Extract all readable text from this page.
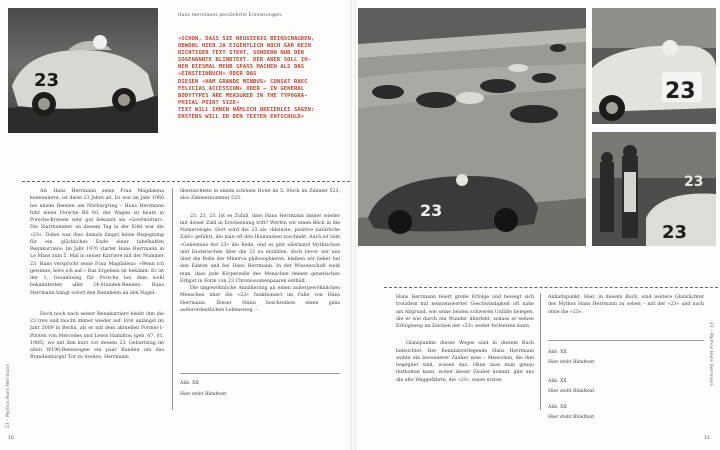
23
Hans Herrmanns persönliche Erinnerungen:
»SCHON, DASS SIE NEUGIERIG BEINSCHAUDEN,
OBWOHL HIER JA EIGENTLICH NOCH GAR KEIN
RICHTIGER TEXT STEHT, SONDERN NUR DER
SOGENANNTE BLINDTEXT. DER ABER SOLL IH-
NEN DIESMAL MEHR SPASS MACHEN ALS DAS
»EINSTEINBUCH« ODER DAS
DIESEN »HAM GRANDE MINBUS« CONSAT RAEC
FELICIAS ACCESSION« ODER – IN GENERAL
BODYTYPES ARE MEASURED IN THE TYPOGRA-
PHICAL POINT SIZE«
TEXT WILL IHNEN NÄMLICH DREIERLEI SAGEN:
ERSTENS WILL ER DEN TEXTEN ENTSCHULD«

Als Hans Herrmann seine Frau Magdalena kennenlernt, ist diese 23 Jahre alt. Es war im Jahr 1960 bei einem Rennen am Nürburgring – Hans Herrmann fuhr einen Porsche RS 60, der Wagen ist heute in Porsche-Kreisen sehr gut bekannt als »Großmutter«. Die Startnummer an diesem Tag in der Eifel war die »23«. Dabei war dies damals längst keine Begegnung für ein glückliches Ende einer fabelhaften Rennkarriere: Im Jahr 1970 startet Hans Herrmann in Le Mans zum 5. Mal in seiner Karriere mit der Nummer 23. Hans verspricht seine Frau Magdalena: »Wenn ich gewinne, höre ich auf.« Das Ergebnis ist bekannt: Er ist der 1. Gesamtsieg für Porsche bei dem wohl bekanntesten aller 24-Stunden-Rennen. Hans Herrmann hängt sofort den Rennhelm an den Nagel.

Doch noch nach seiner Rennkarriere bleibt ihm die 23 treu und taucht immer wieder auf. Erst unlängst im Jahr 2009 in Berlin, als er mit dem aktuellen Formel-1-Piloten von Mercedes und Lewis Hamilton (geb. 07. 01. 1985), wo mit ihm kurz vor dessen 23. Geburtstag im alten W196-Rennwagen ein paar Runden um das Brandenburger Tor zu drehen. Herrmann

übernachtete in einem schönen Hotel im 5. Stock im Zimmer 523, also Zimmernummer 523.

23, 23, 23. Ist es Zufall, dass Hans Herrmann immer wieder mit dieser Zahl in Erscheinung tritt? Werfen wir einen Blick in die Numerologie. Dort wird die 23 als »kleinste, positive natürliche Zahl« geführt, die man oft den Illuminaten zuschiebt. Auch ist vom »Geheimnis der 23« die Rede, und es gibt allerhand Mythischen und Esoterischen über die 23 zu erzählen, doch bevor wir uns über die Rolle der Minerva philosophieren, bleiben wir lieber bei den Fakten und bei Hans Herrmann. In der Wissenschaft weiß man, dass jede Körperzelle des Menschen deinen genetischen Erbgut in Form von 23 Chromosomenpaaren enthält.

Die ungewöhnliche Annäherung an einen außergewöhnlichen Menschen über die »23« funktioniert im Falle von Hans Herrmann. Dieser Mann beschreiben einen ganz außerordentlichen Lebensweg. –

Abb. XX
Hier steht Blindtext
10
23 – Mythos Hans Herrmann
23
23
23
23

Hans Herrmann feiert große Erfolge und bewegt sich trotzdem mit nennenswerter Geschwindigkeit oft nahe am Abgrund, wie seine beiden schweren Unfälle belegen, die er wie durch ein Wunder überlebt, sodass er seinen Erfolgsweg im Zeichen der »23« weiter fortsetzen kann.

Glanzpunkte dieses Weges sind in diesem Buch beleuchtet. Der Rennfahrerlegende Hans Herrmann wohnt ein besonderer Zauber inne – Menschen, die ihm begegnet sind, wissen das. Ohne dass man genau festhalten kann, woher dieser Zauber kommt, gibt uns die alte Weggefährte, die »23«, einen ersten

Anhaltspunkt. Hier, in diesem Buch, sind weitere Glanzlichter des Mythos Hans Herrmann zu sehen – mit der »23« und auch ohne die »23«.

Abb. XX
Hier steht Blindtext
Abb. XX
Hier steht Blindtext
Abb. XX
Hier steht Blindtext
11
23 – Mythos Hans Herrmann
